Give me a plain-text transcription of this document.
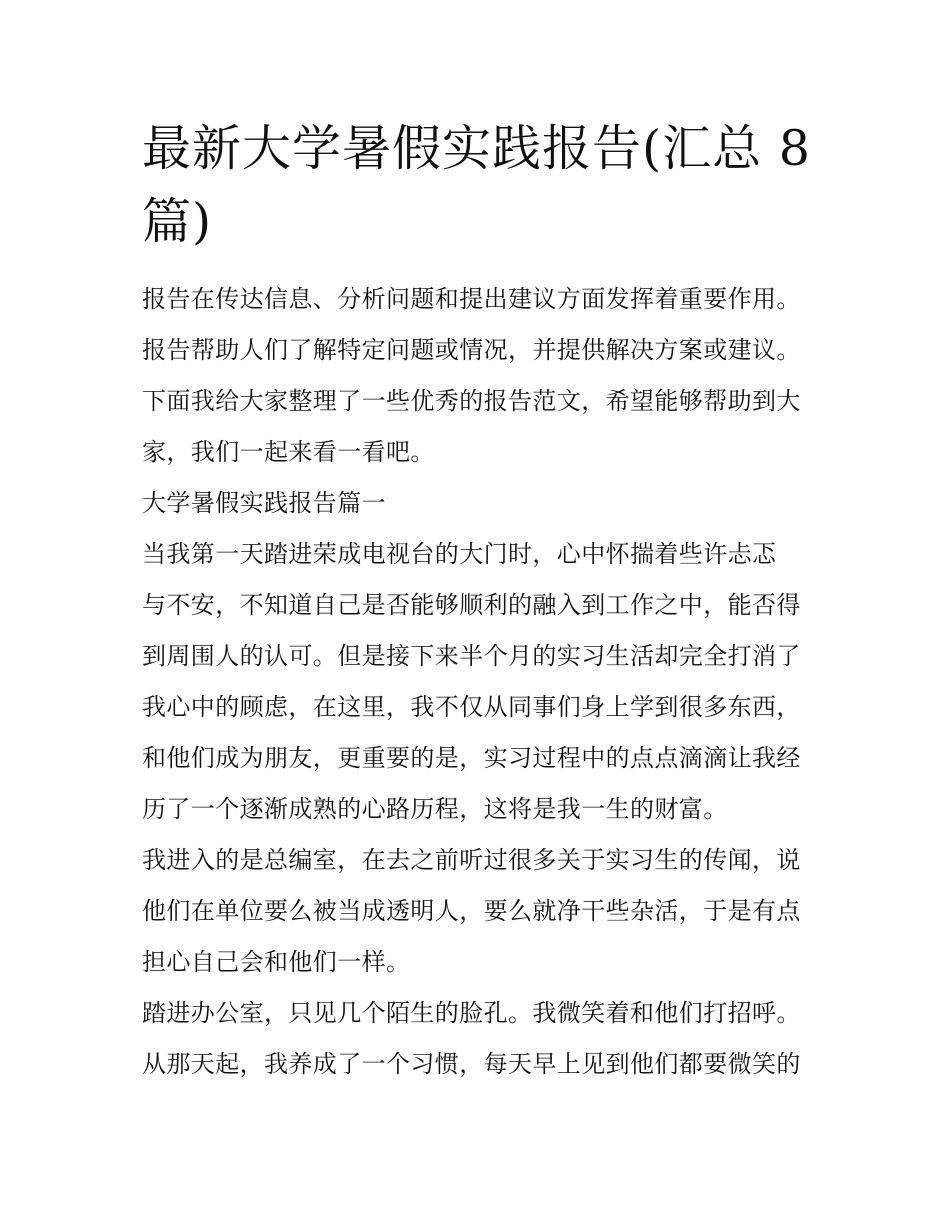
最新大学暑假实践报告(汇总 8
篇)

报告在传达信息、分析问题和提出建议方面发挥着重要作用。

报告帮助人们了解特定问题或情况，并提供解决方案或建议。

下面我给大家整理了一些优秀的报告范文，希望能够帮助到大

家，我们一起来看一看吧。

大学暑假实践报告篇一

当我第一天踏进荣成电视台的大门时，心中怀揣着些许忐忑

与不安，不知道自己是否能够顺利的融入到工作之中，能否得

到周围人的认可。但是接下来半个月的实习生活却完全打消了

我心中的顾虑，在这里，我不仅从同事们身上学到很多东西，

和他们成为朋友，更重要的是，实习过程中的点点滴滴让我经

历了一个逐渐成熟的心路历程，这将是我一生的财富。

我进入的是总编室，在去之前听过很多关于实习生的传闻，说

他们在单位要么被当成透明人，要么就净干些杂活，于是有点

担心自己会和他们一样。

踏进办公室，只见几个陌生的脸孔。我微笑着和他们打招呼。

从那天起，我养成了一个习惯，每天早上见到他们都要微笑的
